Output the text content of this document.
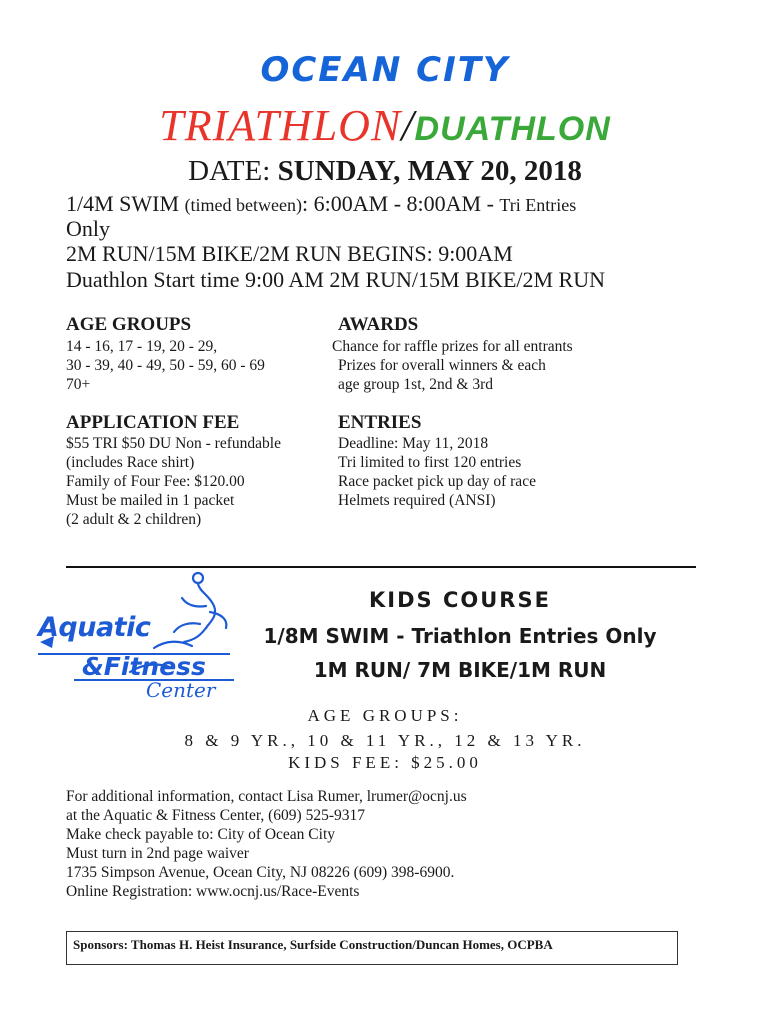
OCEAN CITY
TRIATHLON/DUATHLON
DATE: SUNDAY, MAY 20, 2018
1/4M SWIM (timed between): 6:00AM - 8:00AM - Tri Entries
Only
2M RUN/15M BIKE/2M RUN BEGINS: 9:00AM
Duathlon Start time 9:00 AM 2M RUN/15M BIKE/2M RUN
AGE GROUPS
14 - 16, 17 - 19, 20 - 29,
30 - 39, 40 - 49, 50 - 59, 60 - 69
70+
AWARDS
Chance for raffle prizes for all entrants
Prizes for overall winners & each
age group 1st, 2nd & 3rd
APPLICATION FEE
$55 TRI $50 DU Non - refundable
(includes Race shirt)
Family of Four Fee: $120.00
Must be mailed in 1 packet
(2 adult & 2 children)
ENTRIES
Deadline: May 11, 2018
Tri limited to first 120 entries
Race packet pick up day of race
Helmets required (ANSI)
Aquatic
&Fitness
Center
KIDS COURSE
1/8M SWIM - Triathlon Entries Only
1M RUN/ 7M BIKE/1M RUN
AGE GROUPS:
8 & 9 YR., 10 & 11 YR., 12 & 13 YR.
KIDS FEE: $25.00
For additional information, contact Lisa Rumer, lrumer@ocnj.us
at the Aquatic & Fitness Center, (609) 525-9317
Make check payable to: City of Ocean City
Must turn in 2nd page waiver
1735 Simpson Avenue, Ocean City, NJ 08226 (609) 398-6900.
Online Registration: www.ocnj.us/Race-Events
Sponsors: Thomas H. Heist Insurance, Surfside Construction/Duncan Homes, OCPBA
